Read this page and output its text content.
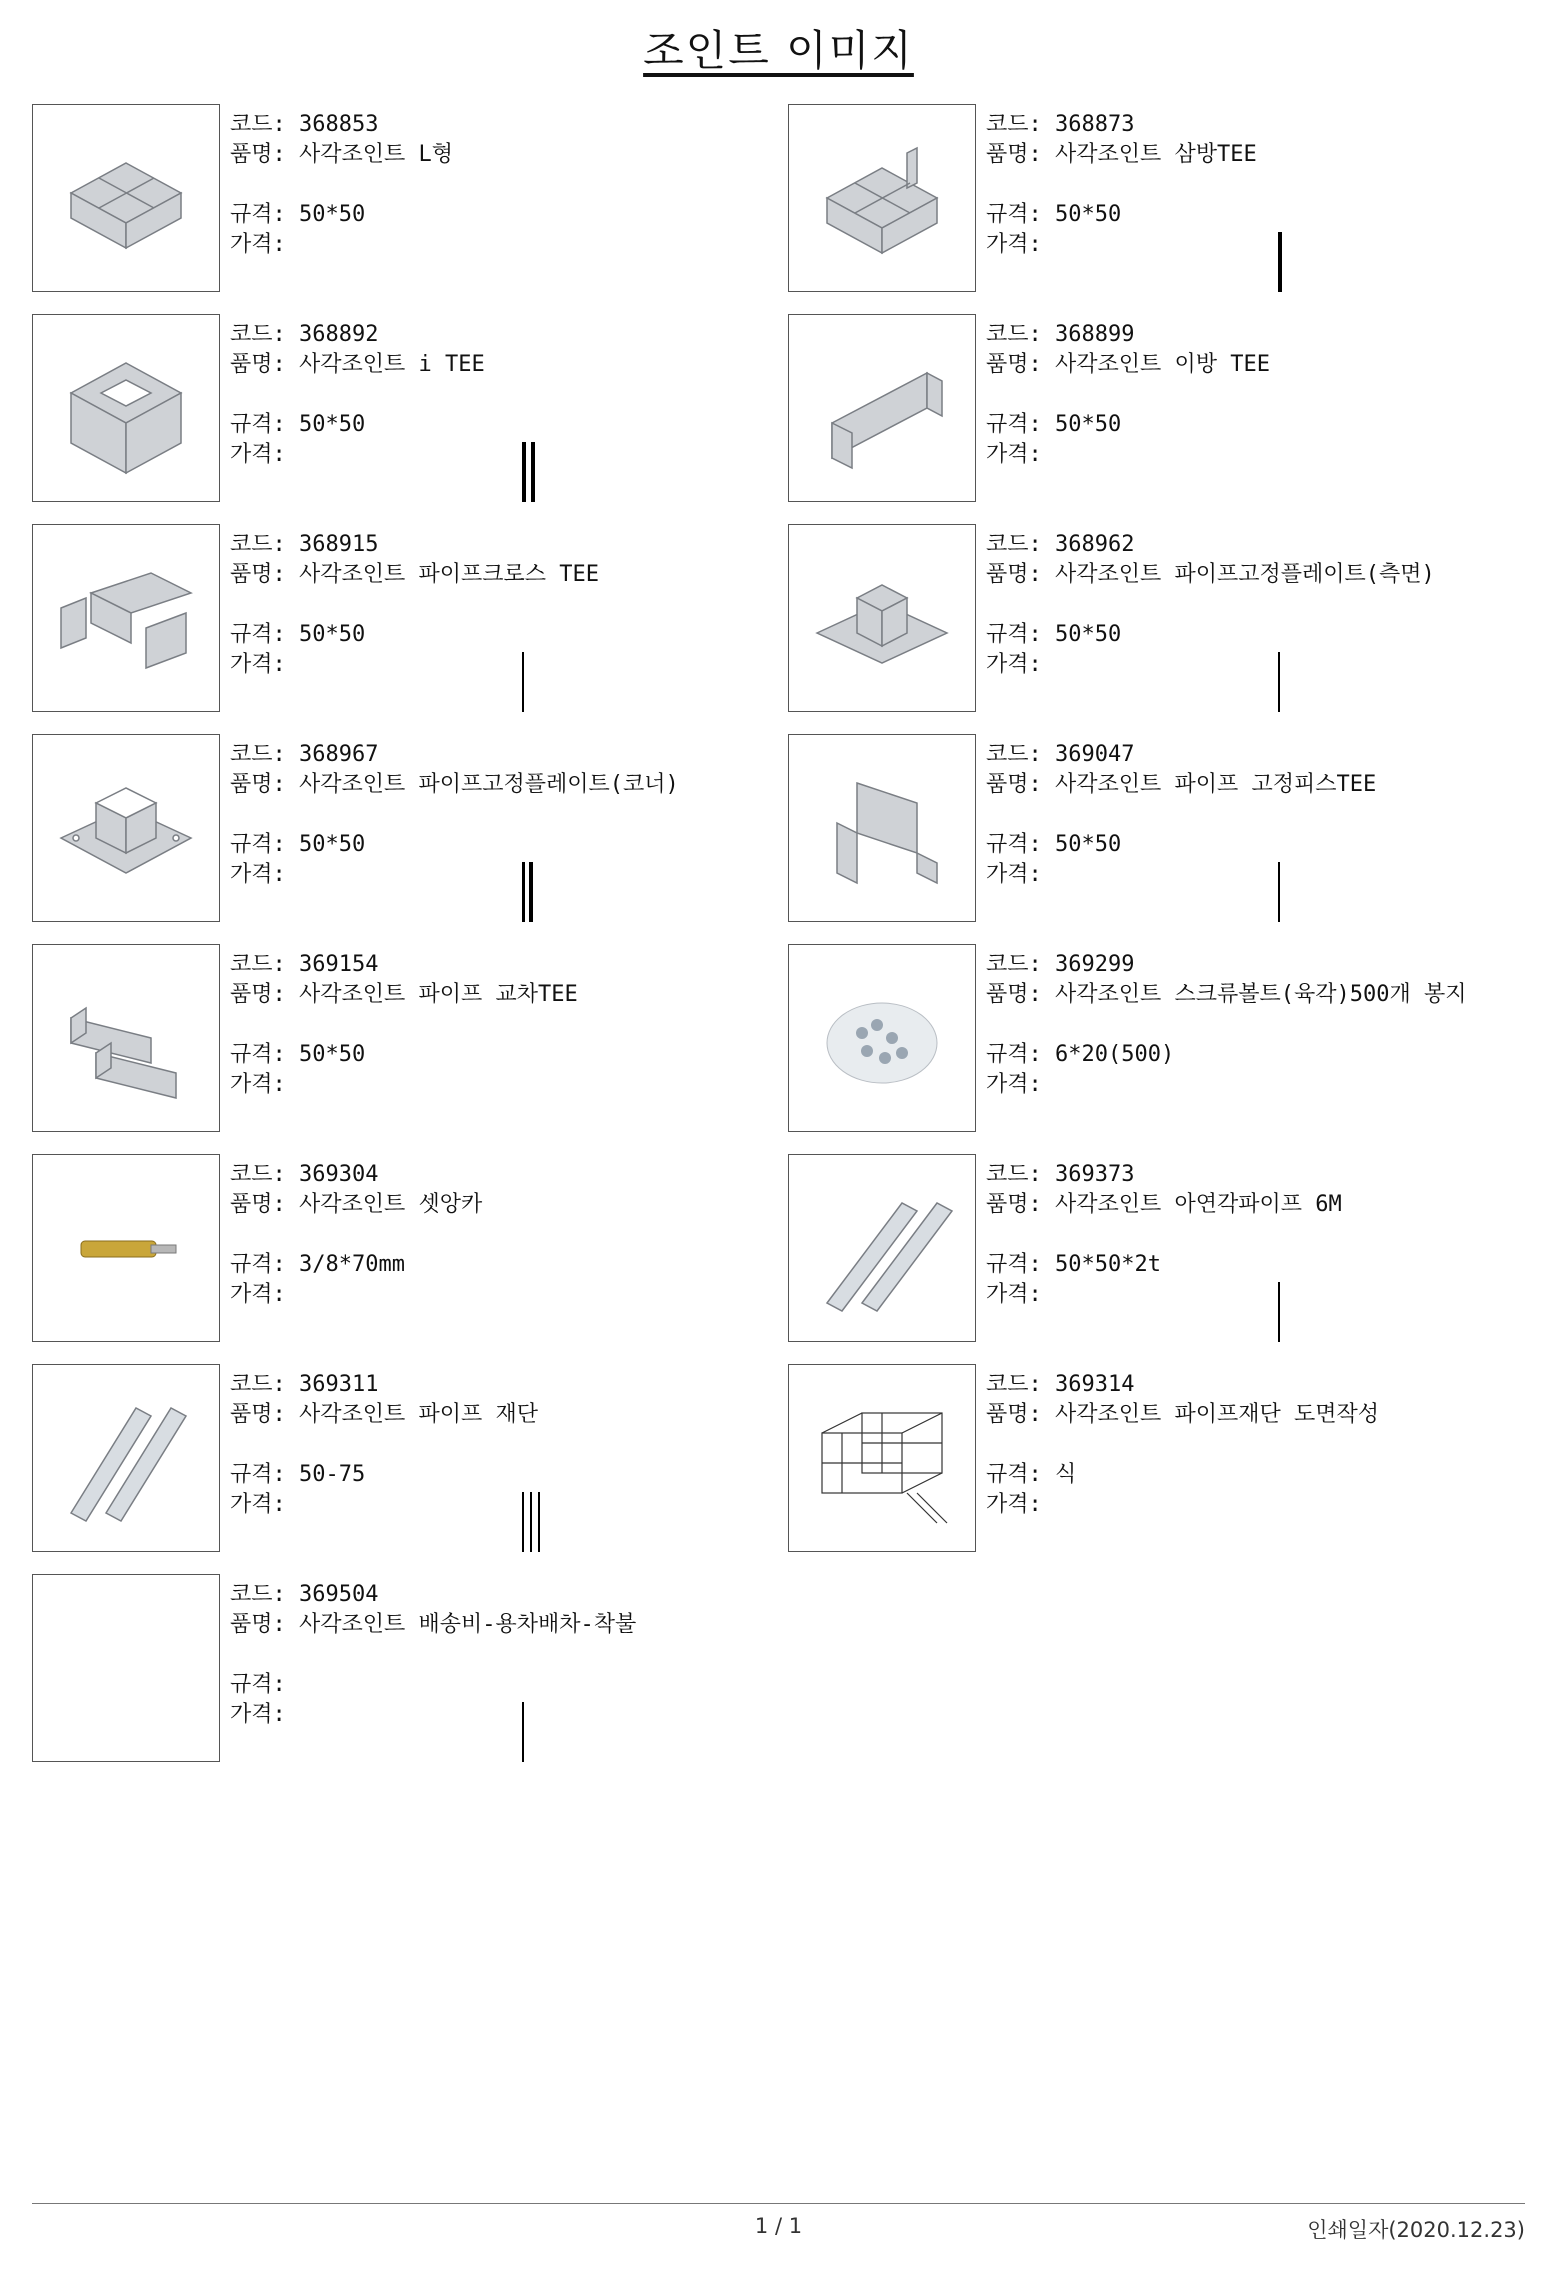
조인트 이미지
코드:
368853
품명:
사각조인트 L형
규격:
50*50
가격:

코드:
368873
품명:
사각조인트 삼방TEE
규격:
50*50
가격:

코드:
368892
품명:
사각조인트 i TEE
규격:
50*50
가격:

코드:
368899
품명:
사각조인트 이방 TEE
규격:
50*50
가격:

코드:
368915
품명:
사각조인트 파이프크로스 TEE
규격:
50*50
가격:

코드:
368962
품명:
사각조인트 파이프고정플레이트(측면)
규격:
50*50
가격:

코드:
368967
품명:
사각조인트 파이프고정플레이트(코너)
규격:
50*50
가격:

코드:
369047
품명:
사각조인트 파이프 고정피스TEE
규격:
50*50
가격:

코드:
369154
품명:
사각조인트 파이프 교차TEE
규격:
50*50
가격:

코드:
369299
품명:
사각조인트 스크류볼트(육각)500개 봉지
규격:
6*20(500)
가격:

코드:
369304
품명:
사각조인트 셋앙카
규격:
3/8*70mm
가격:

코드:
369373
품명:
사각조인트 아연각파이프 6M
규격:
50*50*2t
가격:

코드:
369311
품명:
사각조인트 파이프 재단
규격:
50-75
가격:

코드:
369314
품명:
사각조인트 파이프재단 도면작성
규격:
식
가격:

코드:
369504
품명:
사각조인트 배송비-용차배차-착불
규격:

가격:

1 / 1	인쇄일자(2020.12.23)
